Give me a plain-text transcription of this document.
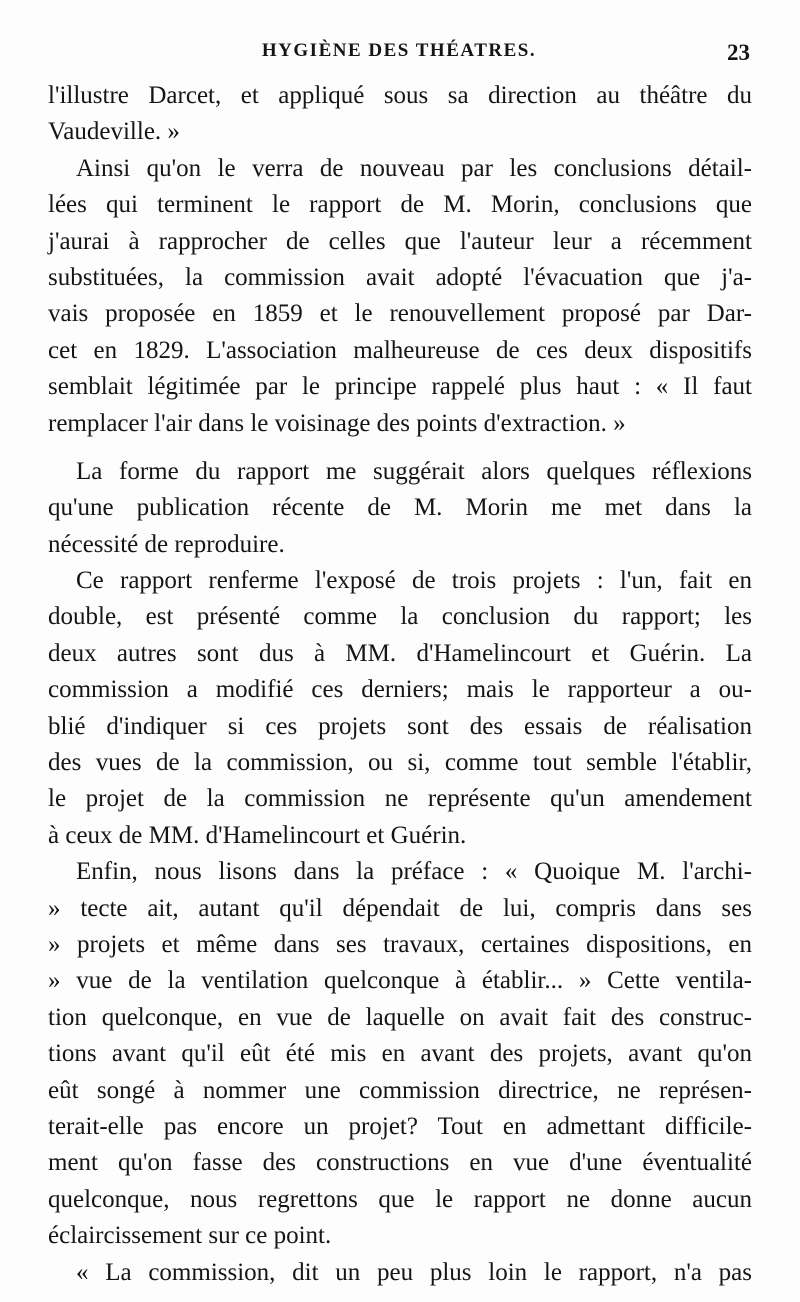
HYGIÈNE DES THÉATRES.	23
l'illustre Darcet, et appliqué sous sa direction au théâtre du
Vaudeville. »
Ainsi qu'on le verra de nouveau par les conclusions détail-
lées qui terminent le rapport de M. Morin, conclusions que
j'aurai à rapprocher de celles que l'auteur leur a récemment
substituées, la commission avait adopté l'évacuation que j'a-
vais proposée en 1859 et le renouvellement proposé par Dar-
cet en 1829. L'association malheureuse de ces deux dispositifs
semblait légitimée par le principe rappelé plus haut : « Il faut
remplacer l'air dans le voisinage des points d'extraction. »
La forme du rapport me suggérait alors quelques réflexions
qu'une publication récente de M. Morin me met dans la
nécessité de reproduire.
Ce rapport renferme l'exposé de trois projets : l'un, fait en
double, est présenté comme la conclusion du rapport; les
deux autres sont dus à MM. d'Hamelincourt et Guérin. La
commission a modifié ces derniers; mais le rapporteur a ou-
blié d'indiquer si ces projets sont des essais de réalisation
des vues de la commission, ou si, comme tout semble l'établir,
le projet de la commission ne représente qu'un amendement
à ceux de MM. d'Hamelincourt et Guérin.
Enfin, nous lisons dans la préface : « Quoique M. l'archi-
» tecte ait, autant qu'il dépendait de lui, compris dans ses
» projets et même dans ses travaux, certaines dispositions, en
» vue de la ventilation quelconque à établir... » Cette ventila-
tion quelconque, en vue de laquelle on avait fait des construc-
tions avant qu'il eût été mis en avant des projets, avant qu'on
eût songé à nommer une commission directrice, ne représen-
terait-elle pas encore un projet? Tout en admettant difficile-
ment qu'on fasse des constructions en vue d'une éventualité
quelconque, nous regrettons que le rapport ne donne aucun
éclaircissement sur ce point.
« La commission, dit un peu plus loin le rapport, n'a pas
